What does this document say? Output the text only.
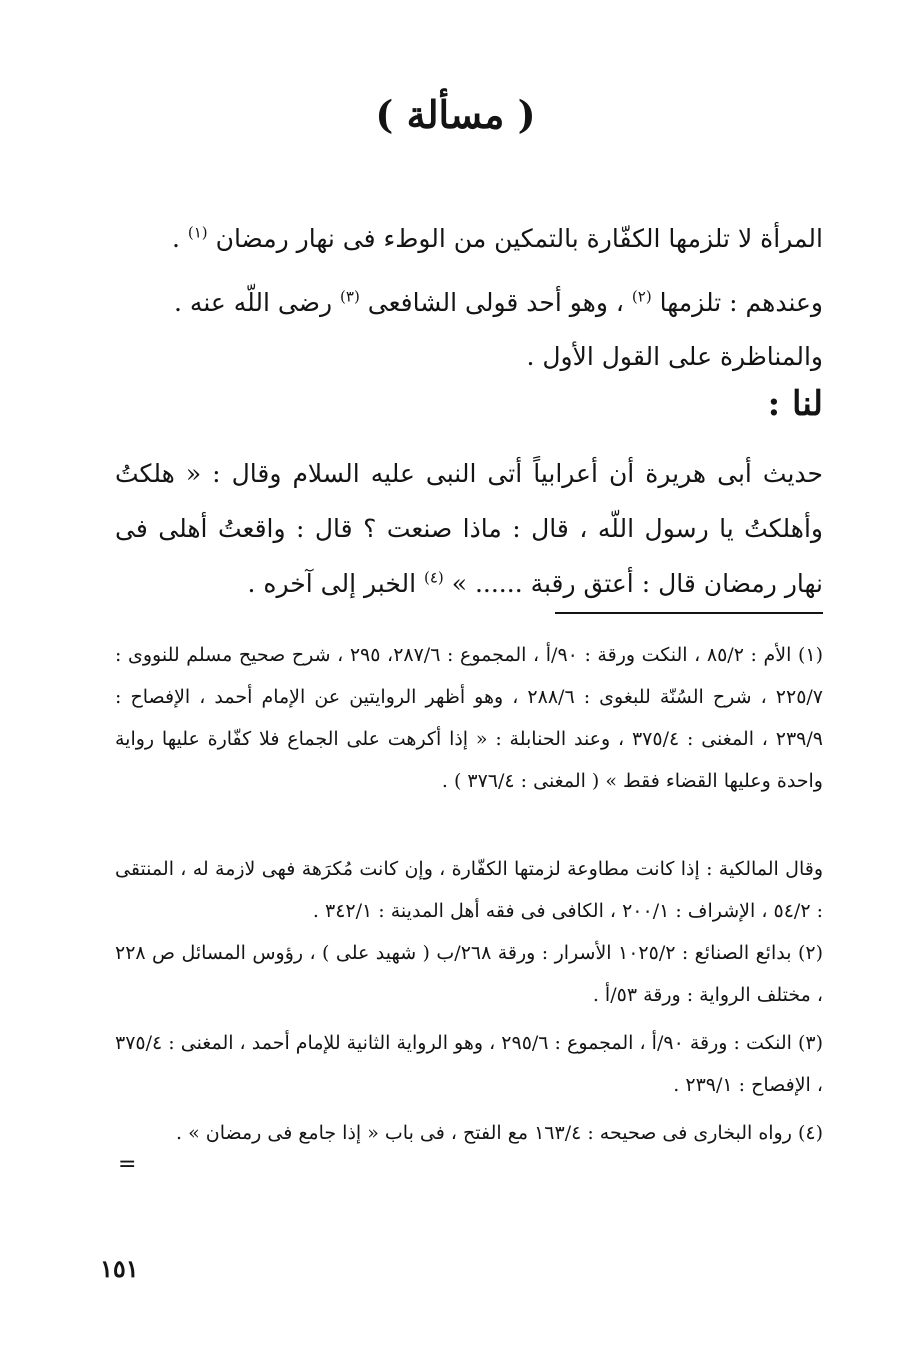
( مسألة )
المرأة لا تلزمها الكفّارة بالتمكين من الوطء فى نهار رمضان $^{(١)}$ .
وعندهم : تلزمها $^{(٢)}$ ، وهو أحد قولى الشافعى $^{(٣)}$ رضى اللّه عنه .
والمناظرة على القول الأول .
لنا :
حديث أبى هريرة أن أعرابياً أتى النبى عليه السلام وقال : « هلكتُ وأهلكتُ يا رسول اللّه ، قال : ماذا صنعت ؟ قال : واقعتُ أهلى فى نهار رمضان قال : أعتق رقبة ...... » $^{(٤)}$ الخبر إلى آخره .
(١) الأم : ٨٥/٢ ، النكت ورقة : ٩٠/أ ، المجموع : ٢٨٧/٦، ٢٩٥ ، شرح صحيح مسلم للنووى : ٢٢٥/٧ ، شرح السُنّة للبغوى : ٢٨٨/٦ ، وهو أظهر الروايتين عن الإمام أحمد ، الإفصاح : ٢٣٩/٩ ، المغنى : ٣٧٥/٤ ، وعند الحنابلة : « إذا أكرهت على الجماع فلا كفّارة عليها رواية واحدة وعليها القضاء فقط » ( المغنى : ٣٧٦/٤ ) .
وقال المالكية : إذا كانت مطاوعة لزمتها الكفّارة ، وإن كانت مُكرَهة فهى لازمة له ، المنتقى : ٥٤/٢ ، الإشراف : ٢٠٠/١ ، الكافى فى فقه أهل المدينة : ٣٤٢/١ .
(٢) بدائع الصنائع : ١٠٢٥/٢ الأسرار : ورقة ٢٦٨/ب ( شهيد على ) ، رؤوس المسائل ص ٢٢٨ ، مختلف الرواية : ورقة ٥٣/أ .
(٣) النكت : ورقة ٩٠/أ ، المجموع : ٢٩٥/٦ ، وهو الرواية الثانية للإمام أحمد ، المغنى : ٣٧٥/٤ ، الإفصاح : ٢٣٩/١ .
(٤) رواه البخارى فى صحيحه : ١٦٣/٤ مع الفتح ، فى باب « إذا جامع فى رمضان » .
=
١٥١
